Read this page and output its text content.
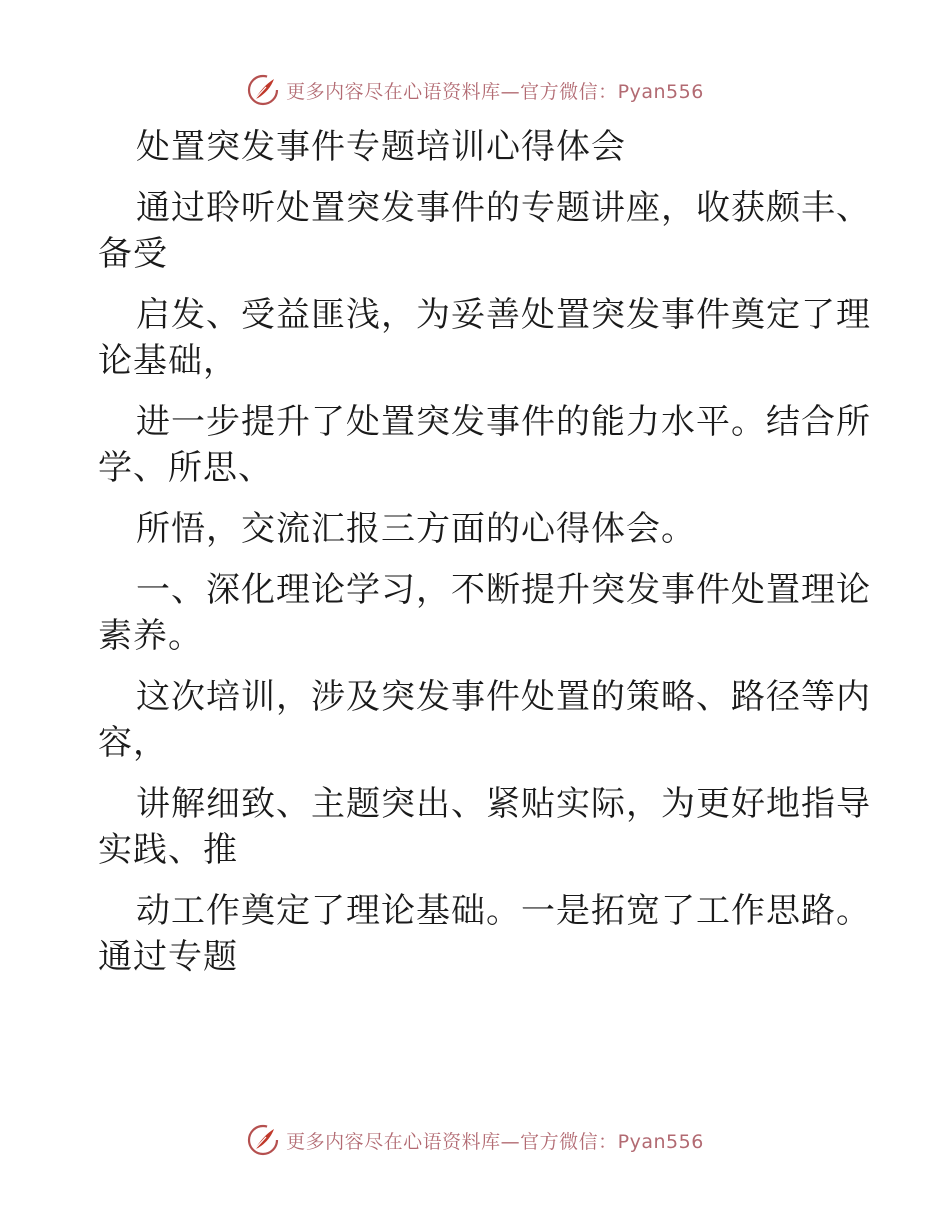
更多内容尽在心语资料库—官方微信：Pyan556
处置突发事件专题培训心得体会
通过聆听处置突发事件的专题讲座，收获颇丰、
备受
启发、受益匪浅，为妥善处置突发事件奠定了理
论基础，
进一步提升了处置突发事件的能力水平。结合所
学、所思、
所悟，交流汇报三方面的心得体会。
一、深化理论学习，不断提升突发事件处置理论
素养。
这次培训，涉及突发事件处置的策略、路径等内
容，
讲解细致、主题突出、紧贴实际，为更好地指导
实践、推
动工作奠定了理论基础。一是拓宽了工作思路。
通过专题
更多内容尽在心语资料库—官方微信：Pyan556
